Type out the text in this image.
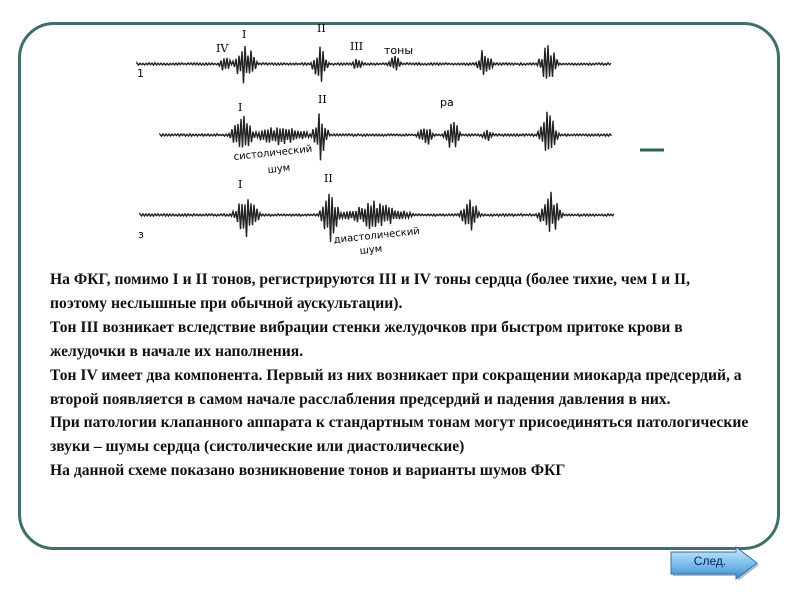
1
IV
I	II
III тоны
I
II	ра
систолический
шум
I	II
з	диастолический
шум

На ФКГ, помимо I и II тонов, регистрируются III и IV тоны сердца (более тихие, чем I и II, поэтому неслышные при обычной аускультации).

Тон III возникает вследствие вибрации стенки желудочков при быстром притоке крови в желудочки в начале их наполнения.

Тон IV имеет два компонента. Первый из них возникает при сокращении миокарда предсердий, а второй появляется в самом начале расслабления предсердий и падения давления в них.

При патологии клапанного аппарата к стандартным тонам могут присоединяться патологические звуки – шумы сердца (систолические или диастолические)

На данной схеме показано возникновение тонов и варианты шумов ФКГ

След.
